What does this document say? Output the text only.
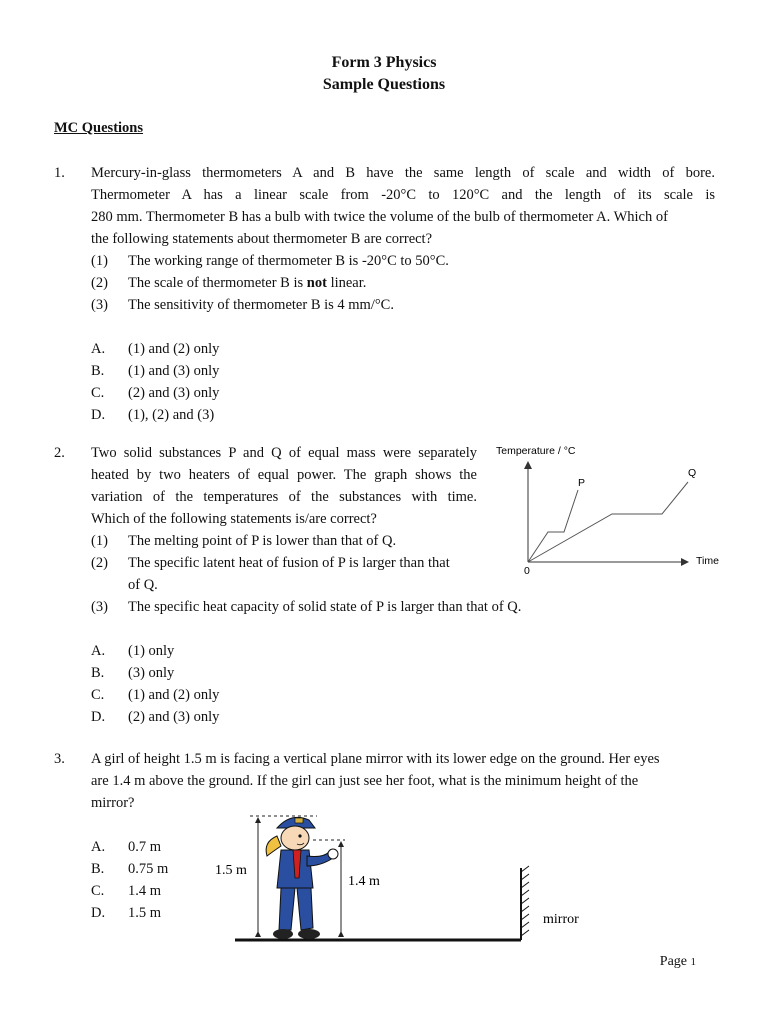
Form 3 Physics
Sample Questions
MC Questions
1. Mercury-in-glass thermometers A and B have the same length of scale and width of bore.
Thermometer A has a linear scale from -20°C to 120°C and the length of its scale is
280 mm. Thermometer B has a bulb with twice the volume of the bulb of thermometer A. Which of
the following statements about thermometer B are correct?
(1) The working range of thermometer B is -20°C to 50°C.
(2) The scale of thermometer B is not linear.
(3) The sensitivity of thermometer B is 4 mm/°C.
A. (1) and (2) only
B. (1) and (3) only
C. (2) and (3) only
D. (1), (2) and (3)
2. Two solid substances P and Q of equal mass were separately
heated by two heaters of equal power. The graph shows the
variation of the temperatures of the substances with time.
Which of the following statements is/are correct?
(1) The melting point of P is lower than that of Q.
(2) The specific latent heat of fusion of P is larger than that
of Q.
(3) The specific heat capacity of solid state of P is larger than that of Q.
A. (1) only
B. (3) only
C. (1) and (2) only
D. (2) and (3) only
Temperature / °C
Time
0
P
Q
3. A girl of height 1.5 m is facing a vertical plane mirror with its lower edge on the ground. Her eyes
are 1.4 m above the ground. If the girl can just see her foot, what is the minimum height of the
mirror?
A. 0.7 m
B. 0.75 m
C. 1.4 m
D. 1.5 m
1.5 m
1.4 m
mirror
Page 1
